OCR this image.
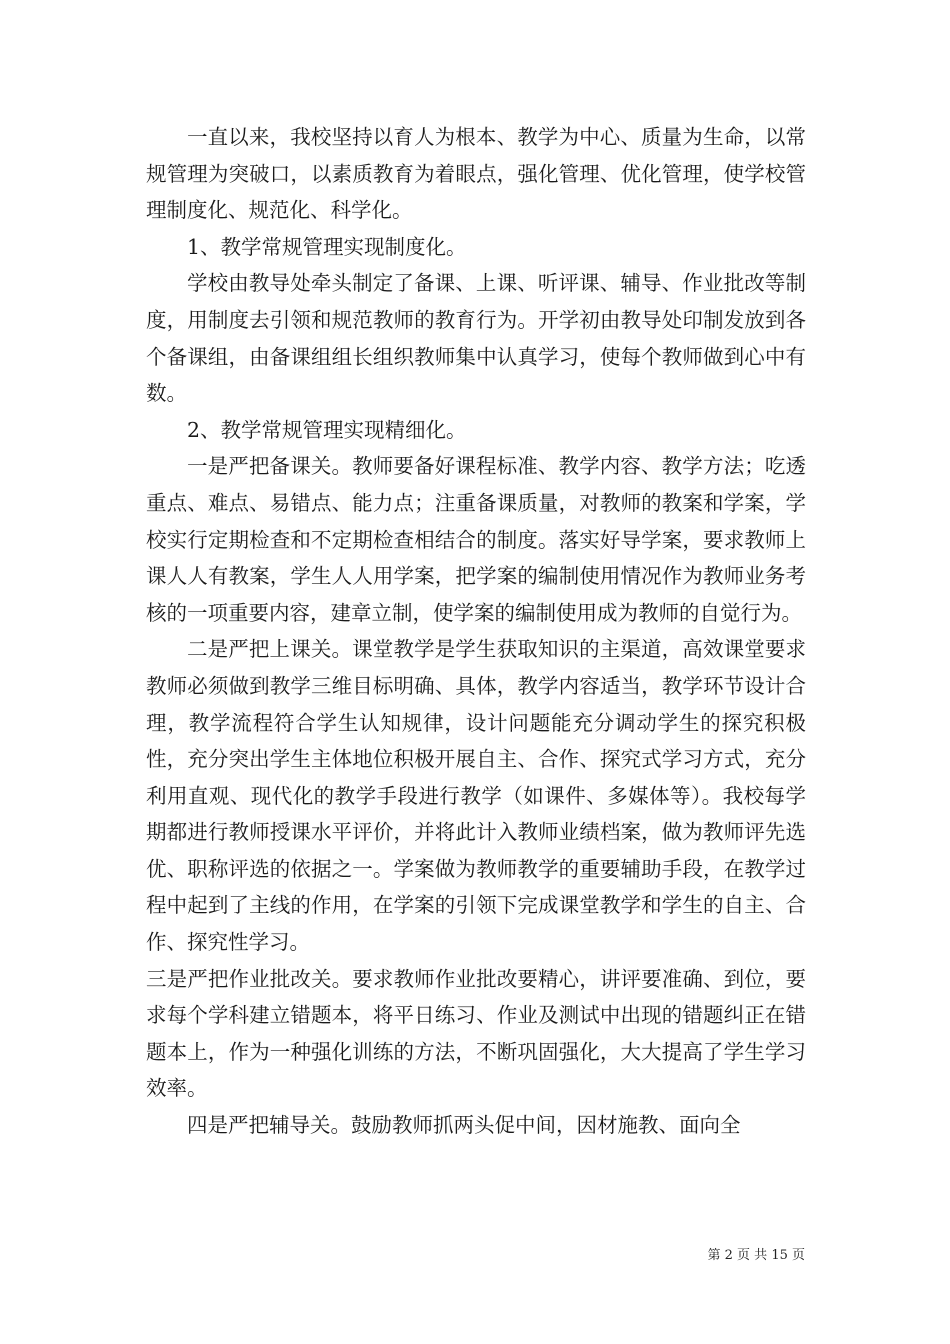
一直以来，我校坚持以育人为根本、教学为中心、质量为生命，以常规管理为突破口，以素质教育为着眼点，强化管理、优化管理，使学校管理制度化、规范化、科学化。

1、教学常规管理实现制度化。

学校由教导处牵头制定了备课、上课、听评课、辅导、作业批改等制度，用制度去引领和规范教师的教育行为。开学初由教导处印制发放到各个备课组，由备课组组长组织教师集中认真学习，使每个教师做到心中有数。

2、教学常规管理实现精细化。

一是严把备课关。教师要备好课程标准、教学内容、教学方法；吃透重点、难点、易错点、能力点；注重备课质量，对教师的教案和学案，学校实行定期检查和不定期检查相结合的制度。落实好导学案，要求教师上课人人有教案，学生人人用学案，把学案的编制使用情况作为教师业务考核的一项重要内容，建章立制，使学案的编制使用成为教师的自觉行为。

二是严把上课关。课堂教学是学生获取知识的主渠道，高效课堂要求教师必须做到教学三维目标明确、具体，教学内容适当，教学环节设计合理，教学流程符合学生认知规律，设计问题能充分调动学生的探究积极性，充分突出学生主体地位积极开展自主、合作、探究式学习方式，充分利用直观、现代化的教学手段进行教学（如课件、多媒体等）。我校每学期都进行教师授课水平评价，并将此计入教师业绩档案，做为教师评先选优、职称评选的依据之一。学案做为教师教学的重要辅助手段，在教学过程中起到了主线的作用，在学案的引领下完成课堂教学和学生的自主、合作、探究性学习。

三是严把作业批改关。要求教师作业批改要精心，讲评要准确、到位，要求每个学科建立错题本，将平日练习、作业及测试中出现的错题纠正在错题本上，作为一种强化训练的方法，不断巩固强化，大大提高了学生学习效率。

四是严把辅导关。鼓励教师抓两头促中间，因材施教、面向全

第 2 页 共 15 页
